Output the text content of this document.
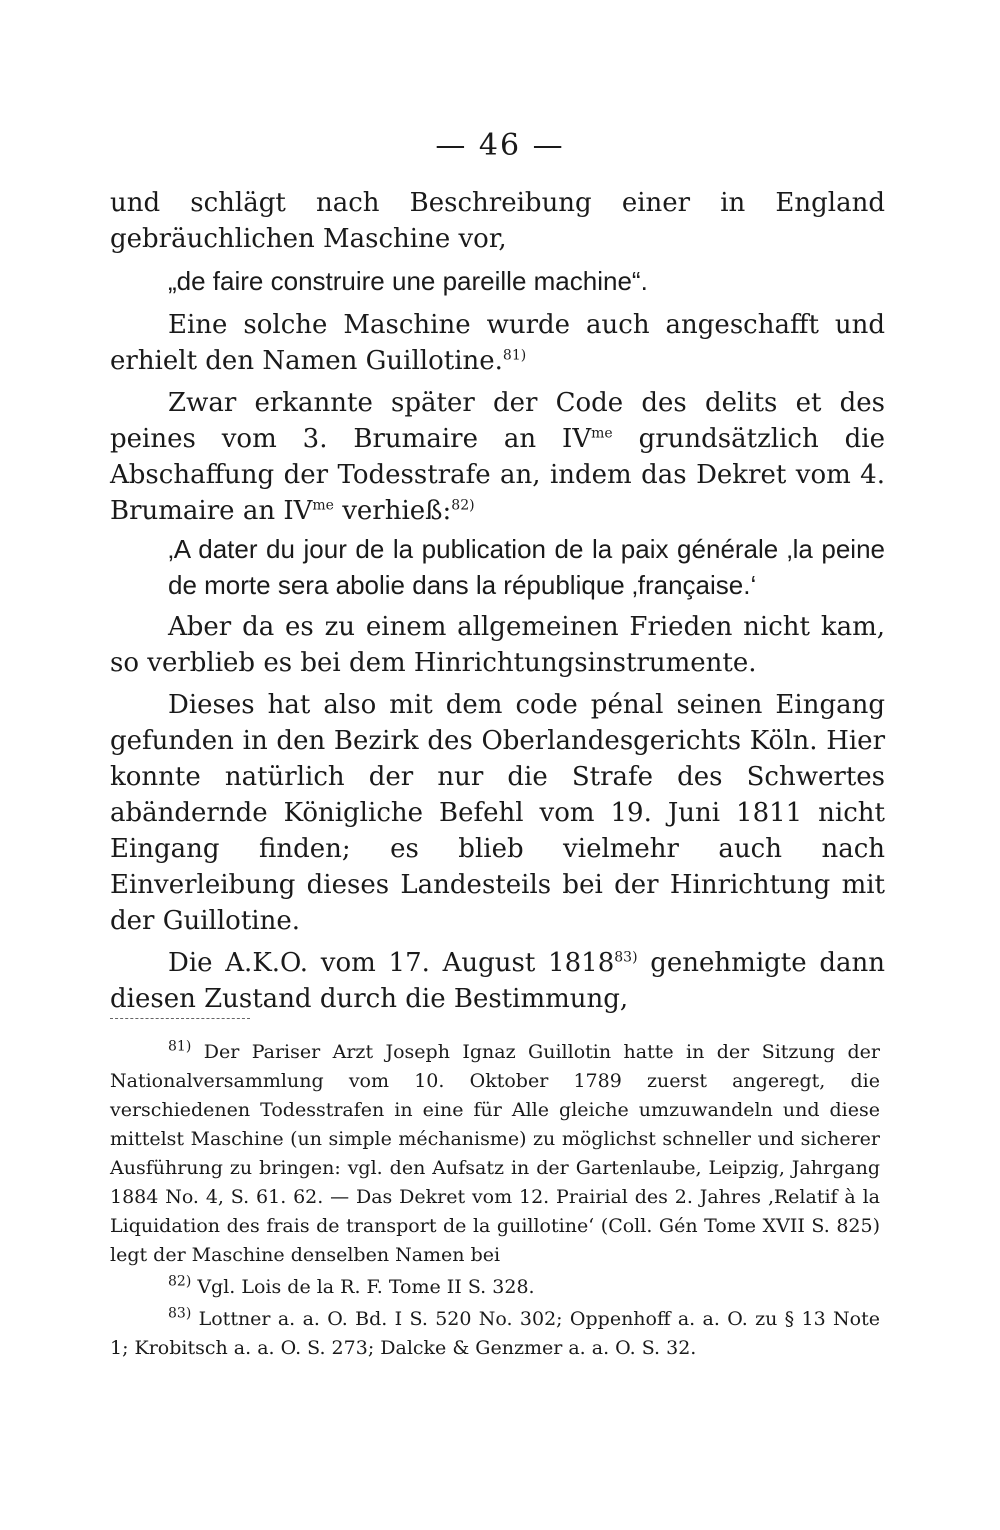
— 46 —

und schlägt nach Beschreibung einer in England gebräuchlichen Maschine vor,

„de faire construire une pareille machine“.

Eine solche Maschine wurde auch angeschafft und erhielt den Namen Guillotine.$^{81)}$

Zwar erkannte später der Code des delits et des peines vom 3. Brumaire an $IV^{me}$ grundsätzlich die Abschaffung der Todesstrafe an, indem das Dekret vom 4. Brumaire an $IV^{me}$ verhieß:$^{82)}$

‚A dater du jour de la publication de la paix générale ‚la peine de morte sera abolie dans la république ‚française.‘

Aber da es zu einem allgemeinen Frieden nicht kam, so verblieb es bei dem Hinrichtungsinstrumente.

Dieses hat also mit dem code pénal seinen Eingang gefunden in den Bezirk des Oberlandesgerichts Köln. Hier konnte natürlich der nur die Strafe des Schwertes abändernde Königliche Befehl vom 19. Juni 1811 nicht Eingang finden; es blieb vielmehr auch nach Einverleibung dieses Landesteils bei der Hinrichtung mit der Guillotine.

Die A.K.O. vom 17. August 1818$^{83)}$ genehmigte dann diesen Zustand durch die Bestimmung,

$^{81)}$ Der Pariser Arzt Joseph Ignaz Guillotin hatte in der Sitzung der Nationalversammlung vom 10. Oktober 1789 zuerst angeregt, die verschiedenen Todesstrafen in eine für Alle gleiche umzuwandeln und diese mittelst Maschine (un simple méchanisme) zu möglichst schneller und sicherer Ausführung zu bringen: vgl. den Aufsatz in der Gartenlaube, Leipzig, Jahrgang 1884 No. 4, S. 61. 62. — Das Dekret vom 12. Prairial des 2. Jahres ‚Relatif à la Liquidation des frais de transport de la guillotine‘ (Coll. Gén Tome XVII S. 825) legt der Maschine denselben Namen bei

$^{82)}$ Vgl. Lois de la R. F. Tome II S. 328.

$^{83)}$ Lottner a. a. O. Bd. I S. 520 No. 302; Oppenhoff a. a. O. zu § 13 Note 1; Krobitsch a. a. O. S. 273; Dalcke & Genzmer a. a. O. S. 32.
